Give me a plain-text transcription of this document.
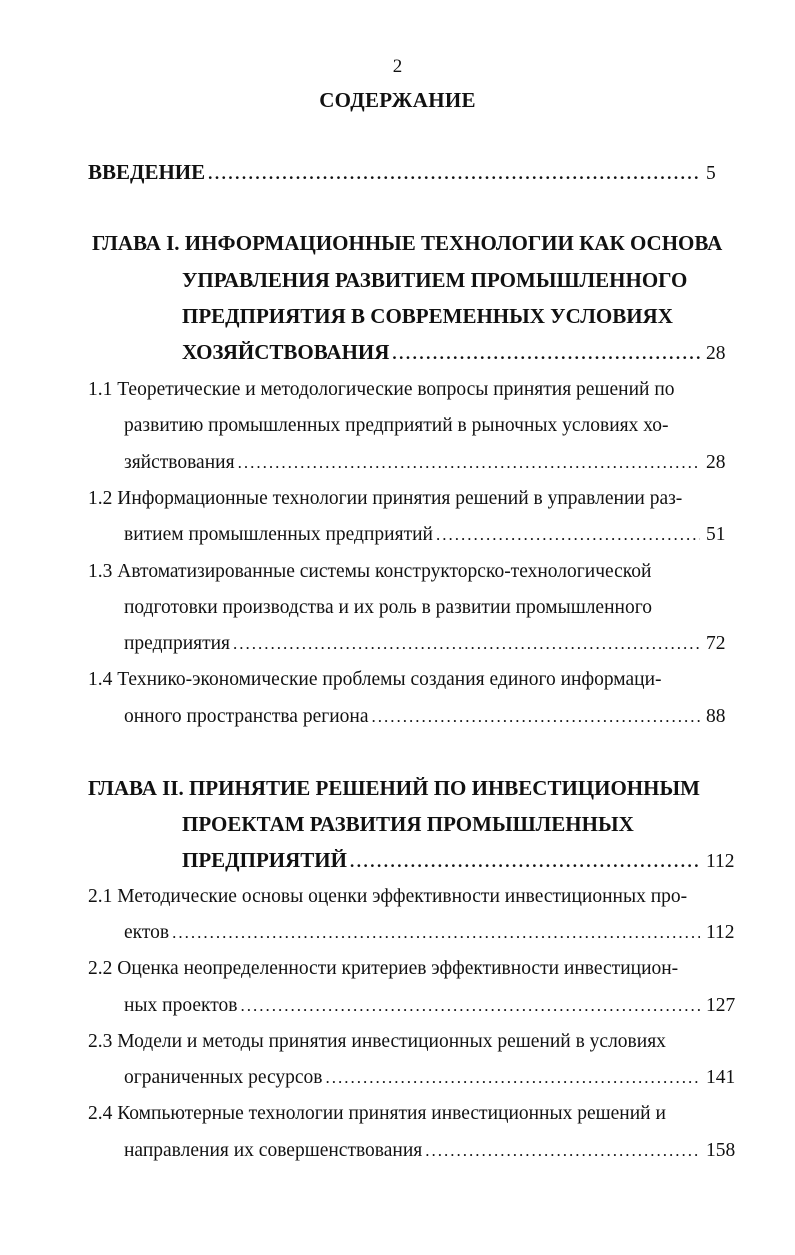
2
СОДЕРЖАНИЕ
ВВЕДЕНИЕ .....	5
ГЛАВА I. ИНФОРМАЦИОННЫЕ ТЕХНОЛОГИИ КАК ОСНОВА
УПРАВЛЕНИЯ РАЗВИТИЕМ ПРОМЫШЛЕННОГО
ПРЕДПРИЯТИЯ В СОВРЕМЕННЫХ УСЛОВИЯХ
ХОЗЯЙСТВОВАНИЯ .....	28
1.1 Теоретические и методологические вопросы принятия решений по
развитию промышленных предприятий в рыночных условиях хо-
зяйствования .....	28
1.2 Информационные технологии принятия решений в управлении раз-
витием промышленных предприятий .....	51
1.3 Автоматизированные системы конструкторско-технологической
подготовки производства и их роль в развитии промышленного
предприятия .....	72
1.4 Технико-экономические проблемы создания единого информаци-
онного пространства региона .....	88
ГЛАВА II. ПРИНЯТИЕ РЕШЕНИЙ ПО ИНВЕСТИЦИОННЫМ
ПРОЕКТАМ РАЗВИТИЯ ПРОМЫШЛЕННЫХ
ПРЕДПРИЯТИЙ .....	112
2.1 Методические основы оценки эффективности инвестиционных про-
ектов .....	112
2.2 Оценка неопределенности критериев эффективности инвестицион-
ных проектов .....	127
2.3 Модели и методы принятия инвестиционных решений в условиях
ограниченных ресурсов .....	141
2.4 Компьютерные технологии принятия инвестиционных решений и
направления их совершенствования .....	158
